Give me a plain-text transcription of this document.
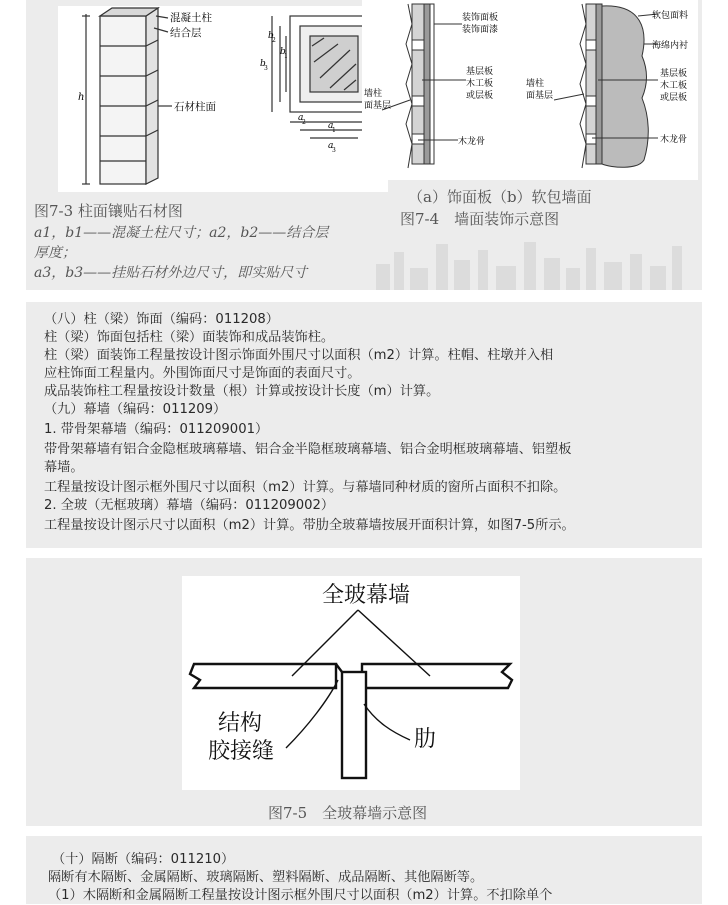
h
混凝土柱
结合层
石材柱面
b
3
b
2
b
1
a
2 a
1
a
3
图7-3 柱面镶贴石材图
a1，b1——混凝土柱尺寸；a2，b2——结合层
厚度；
a3，b3——挂贴石材外边尺寸，即实贴尺寸
装饰面板
装饰面漆
基层板
木工板
或层板
墙柱
面基层
木龙骨
软包面料
海绵内衬
基层板
木工板
或层板
墙柱
面基层
木龙骨
（a）饰面板（b）软包墙面
图7-4　墙面装饰示意图
（八）柱（梁）饰面（编码：011208）
柱（梁）饰面包括柱（梁）面装饰和成品装饰柱。
柱（梁）面装饰工程量按设计图示饰面外围尺寸以面积（m2）计算。柱帽、柱墩并入相
应柱饰面工程量内。外围饰面尺寸是饰面的表面尺寸。
成品装饰柱工程量按设计数量（根）计算或按设计长度（m）计算。
（九）幕墙（编码：011209）
1. 带骨架幕墙（编码：011209001）
带骨架幕墙有铝合金隐框玻璃幕墙、铝合金半隐框玻璃幕墙、铝合金明框玻璃幕墙、铝塑板
幕墙。
工程量按设计图示框外围尺寸以面积（m2）计算。与幕墙同种材质的窗所占面积不扣除。
2. 全玻（无框玻璃）幕墙（编码：011209002）
工程量按设计图示尺寸以面积（m2）计算。带肋全玻幕墙按展开面积计算，如图7-5所示。
全玻幕墙
结构
胶接缝	肋
图7-5　全玻幕墙示意图
（十）隔断（编码：011210）
隔断有木隔断、金属隔断、玻璃隔断、塑料隔断、成品隔断、其他隔断等。
（1）木隔断和金属隔断工程量按设计图示框外围尺寸以面积（m2）计算。不扣除单个
